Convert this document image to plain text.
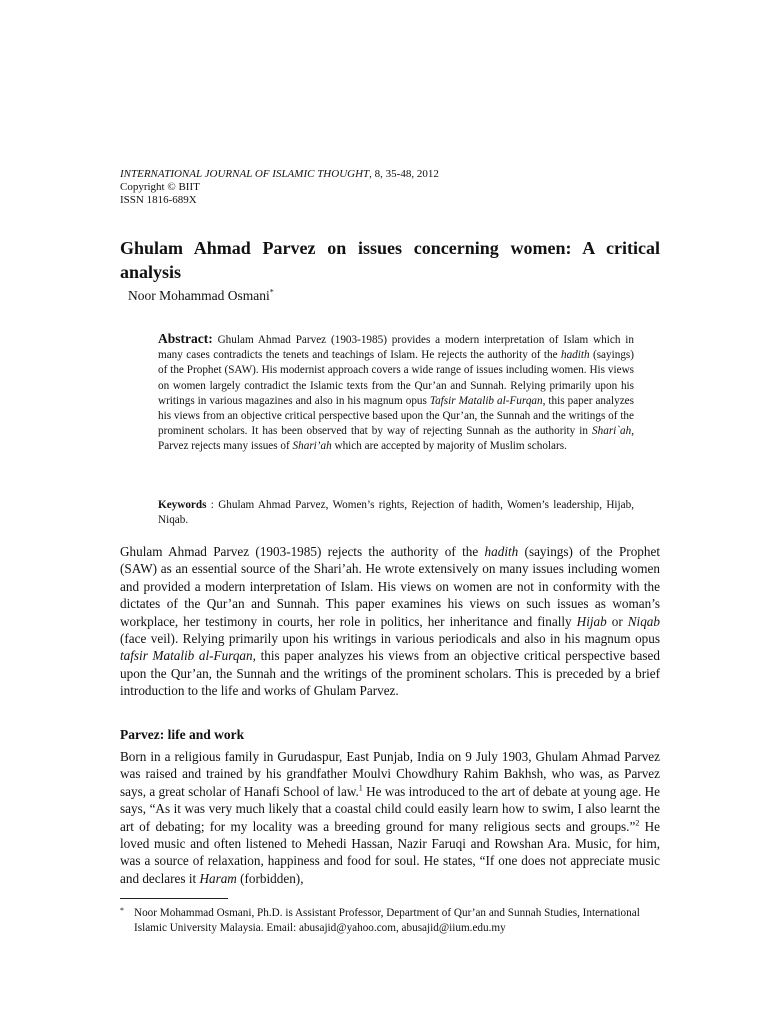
INTERNATIONAL JOURNAL OF ISLAMIC THOUGHT, 8, 35-48, 2012
Copyright © BIIT
ISSN 1816-689X
Ghulam Ahmad Parvez on issues concerning women: A critical analysis
Noor Mohammad Osmani*

Abstract: Ghulam Ahmad Parvez (1903-1985) provides a modern interpretation of Islam which in many cases contradicts the tenets and teachings of Islam. He rejects the authority of the hadith (sayings) of the Prophet (SAW). His modernist approach covers a wide range of issues including women. His views on women largely contradict the Islamic texts from the Qur’an and Sunnah. Relying primarily upon his writings in various magazines and also in his magnum opus Tafsir Matalib al-Furqan, this paper analyzes his views from an objective critical perspective based upon the Qur’an, the Sunnah and the writings of the prominent scholars. It has been observed that by way of rejecting Sunnah as the authority in Shari`ah, Parvez rejects many issues of Shari’ah which are accepted by majority of Muslim scholars.

Keywords : Ghulam Ahmad Parvez, Women’s rights, Rejection of hadith, Women’s leadership, Hijab, Niqab.

Ghulam Ahmad Parvez (1903-1985) rejects the authority of the hadith (sayings) of the Prophet (SAW) as an essential source of the Shari’ah. He wrote extensively on many issues including women and provided a modern interpretation of Islam. His views on women are not in conformity with the dictates of the Qur’an and Sunnah. This paper examines his views on such issues as woman’s workplace, her testimony in courts, her role in politics, her inheritance and finally Hijab or Niqab (face veil). Relying primarily upon his writings in various periodicals and also in his magnum opus tafsir Matalib al-Furqan, this paper analyzes his views from an objective critical perspective based upon the Qur’an, the Sunnah and the writings of the prominent scholars. This is preceded by a brief introduction to the life and works of Ghulam Parvez.

Parvez: life and work

Born in a religious family in Gurudaspur, East Punjab, India on 9 July 1903, Ghulam Ahmad Parvez was raised and trained by his grandfather Moulvi Chowdhury Rahim Bakhsh, who was, as Parvez says, a great scholar of Hanafi School of law.$^1$ He was introduced to the art of debate at young age. He says, “As it was very much likely that a coastal child could easily learn how to swim, I also learnt the art of debating; for my locality was a breeding ground for many religious sects and groups.”$^2$ He loved music and often listened to Mehedi Hassan, Nazir Faruqi and Rowshan Ara. Music, for him, was a source of relaxation, happiness and food for soul. He states, “If one does not appreciate music and declares it Haram (forbidden),

* Noor Mohammad Osmani, Ph.D. is Assistant Professor, Department of Qur’an and Sunnah Studies, International Islamic University Malaysia. Email: abusajid@yahoo.com, abusajid@iium.edu.my
